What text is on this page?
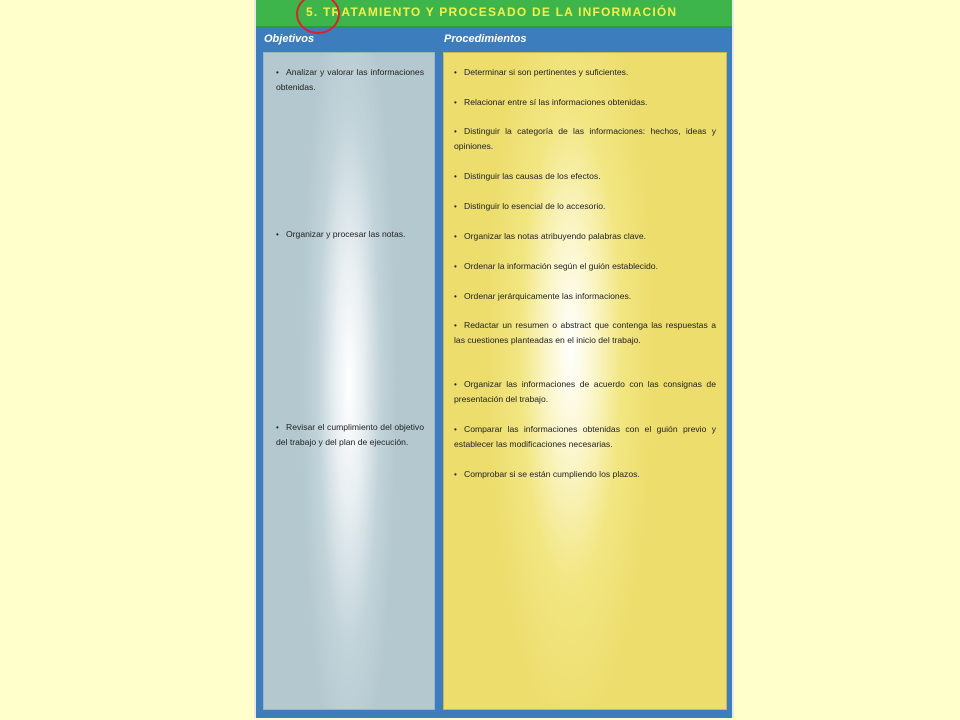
5. TRATAMIENTO Y PROCESADO DE LA INFORMACIÓN
Objetivos	Procedimientos
• Analizar y valorar las informaciones obtenidas.
• Organizar y procesar las notas.
• Revisar el cumplimiento del objetivo del trabajo y del plan de ejecución.
• Determinar si son pertinentes y suficientes.
• Relacionar entre sí las informaciones obtenidas.
• Distinguir la categoría de las informaciones: hechos, ideas y opiniones.
• Distinguir las causas de los efectos.
• Distinguir lo esencial de lo accesorio.
• Organizar las notas atribuyendo palabras clave.
• Ordenar la información según el guión establecido.
• Ordenar jerárquicamente las informaciones.
• Redactar un resumen o abstract que contenga las respuestas a las cuestiones planteadas en el inicio del trabajo.
• Organizar las informaciones de acuerdo con las consignas de presentación del trabajo.
• Comparar las informaciones obtenidas con el guión previo y establecer las modificaciones necesarias.
• Comprobar si se están cumpliendo los plazos.
